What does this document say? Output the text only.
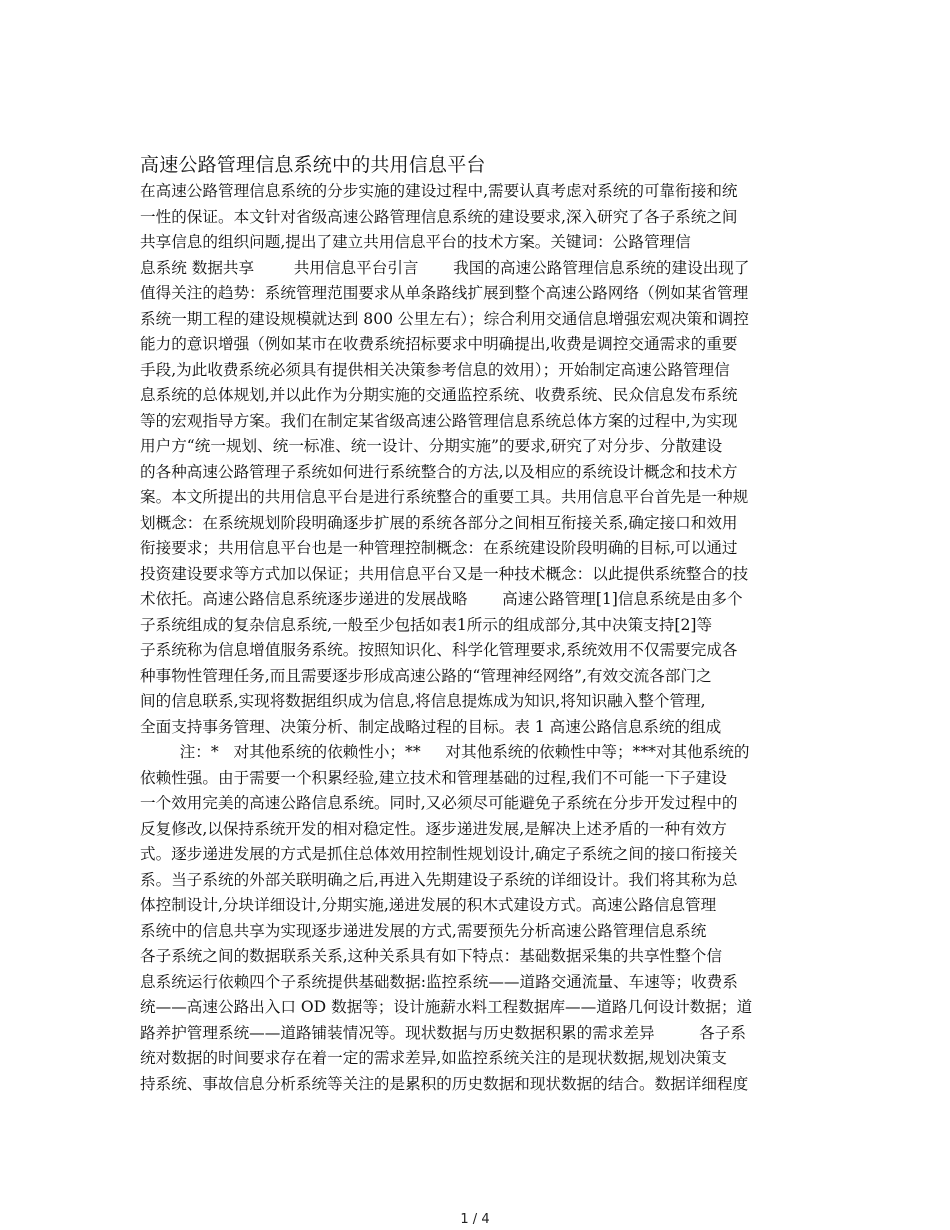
高速公路管理信息系统中的共用信息平台
在高速公路管理信息系统的分步实施的建设过程中,需要认真考虑对系统的可靠衔接和统
一性的保证。本文针对省级高速公路管理信息系统的建设要求,深入研究了各子系统之间
共享信息的组织问题,提出了建立共用信息平台的技术方案。关键词：公路管理信
息系统 数据共享        共用信息平台引言       我国的高速公路管理信息系统的建设出现了
值得关注的趋势：系统管理范围要求从单条路线扩展到整个高速公路网络（例如某省管理
系统一期工程的建设规模就达到 800 公里左右）；综合利用交通信息增强宏观决策和调控
能力的意识增强（例如某市在收费系统招标要求中明确提出,收费是调控交通需求的重要
手段,为此收费系统必须具有提供相关决策参考信息的效用）；开始制定高速公路管理信
息系统的总体规划,并以此作为分期实施的交通监控系统、收费系统、民众信息发布系统
等的宏观指导方案。我们在制定某省级高速公路管理信息系统总体方案的过程中,为实现
用户方“统一规划、统一标准、统一设计、分期实施”的要求,研究了对分步、分散建设
的各种高速公路管理子系统如何进行系统整合的方法,以及相应的系统设计概念和技术方
案。本文所提出的共用信息平台是进行系统整合的重要工具。共用信息平台首先是一种规
划概念：在系统规划阶段明确逐步扩展的系统各部分之间相互衔接关系,确定接口和效用
衔接要求；共用信息平台也是一种管理控制概念：在系统建设阶段明确的目标,可以通过
投资建设要求等方式加以保证；共用信息平台又是一种技术概念：以此提供系统整合的技
术依托。高速公路信息系统逐步递进的发展战略       高速公路管理[1]信息系统是由多个
子系统组成的复杂信息系统,一般至少包括如表1所示的组成部分,其中决策支持[2]等
子系统称为信息增值服务系统。按照知识化、科学化管理要求,系统效用不仅需要完成各
种事物性管理任务,而且需要逐步形成高速公路的“管理神经网络”,有效交流各部门之
间的信息联系,实现将数据组织成为信息,将信息提炼成为知识,将知识融入整个管理,
全面支持事务管理、决策分析、制定战略过程的目标。表 1 高速公路信息系统的组成
注：*   对其他系统的依赖性小；**     对其他系统的依赖性中等；***对其他系统的
依赖性强。由于需要一个积累经验,建立技术和管理基础的过程,我们不可能一下子建设
一个效用完美的高速公路信息系统。同时,又必须尽可能避免子系统在分步开发过程中的
反复修改,以保持系统开发的相对稳定性。逐步递进发展,是解决上述矛盾的一种有效方
式。逐步递进发展的方式是抓住总体效用控制性规划设计,确定子系统之间的接口衔接关
系。当子系统的外部关联明确之后,再进入先期建设子系统的详细设计。我们将其称为总
体控制设计,分块详细设计,分期实施,递进发展的积木式建设方式。高速公路信息管理
系统中的信息共享为实现逐步递进发展的方式,需要预先分析高速公路管理信息系统
各子系统之间的数据联系关系,这种关系具有如下特点：基础数据采集的共享性整个信
息系统运行依赖四个子系统提供基础数据:监控系统——道路交通流量、车速等；收费系
统——高速公路出入口 OD 数据等；设计施薪水料工程数据库——道路几何设计数据；道
路养护管理系统——道路铺装情况等。现状数据与历史数据积累的需求差异         各子系
统对数据的时间要求存在着一定的需求差异,如监控系统关注的是现状数据,规划决策支
持系统、事故信息分析系统等关注的是累积的历史数据和现状数据的结合。数据详细程度
1 / 4
